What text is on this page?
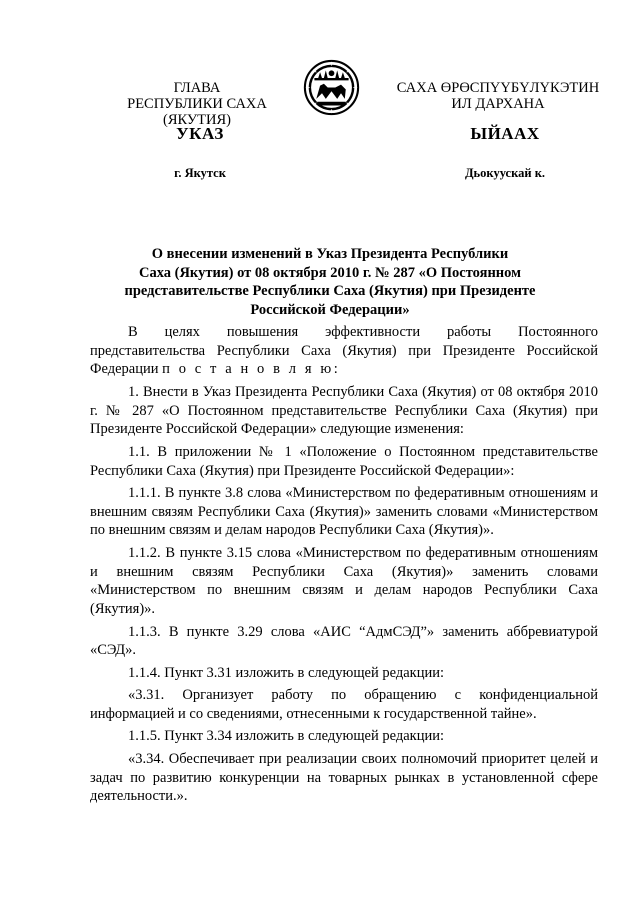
ГЛАВА
РЕСПУБЛИКИ САХА (ЯКУТИЯ)
САХА ӨРӨСПҮҮБҮЛҮКЭТИН
ИЛ ДАРХАНА
УКАЗ	ЫЙААХ
г. Якутск	Дьокуускай к.
О внесении изменений в Указ Президента Республики
Саха (Якутия) от 08 октября 2010 г. № 287 «О Постоянном
представительстве Республики Саха (Якутия) при Президенте
Российской Федерации»

В целях повышения эффективности работы Постоянного представительства Республики Саха (Якутия) при Президенте Российской Федерации п о с т а н о в л я ю:

1. Внести в Указ Президента Республики Саха (Якутия) от 08 октября 2010 г. № 287 «О Постоянном представительстве Республики Саха (Якутия) при Президенте Российской Федерации» следующие изменения:

1.1. В приложении № 1 «Положение о Постоянном представительстве Республики Саха (Якутия) при Президенте Российской Федерации»:

1.1.1. В пункте 3.8 слова «Министерством по федеративным отношениям и внешним связям Республики Саха (Якутия)» заменить словами «Министерством по внешним связям и делам народов Республики Саха (Якутия)».

1.1.2. В пункте 3.15 слова «Министерством по федеративным отношениям и внешним связям Республики Саха (Якутия)» заменить словами «Министерством по внешним связям и делам народов Республики Саха (Якутия)».

1.1.3. В пункте 3.29 слова «АИС “АдмСЭД”» заменить аббревиатурой «СЭД».

1.1.4. Пункт 3.31 изложить в следующей редакции:

«3.31. Организует работу по обращению с конфиденциальной информацией и со сведениями, отнесенными к государственной тайне».

1.1.5. Пункт 3.34 изложить в следующей редакции:

«3.34. Обеспечивает при реализации своих полномочий приоритет целей и задач по развитию конкуренции на товарных рынках в установленной сфере деятельности.».
